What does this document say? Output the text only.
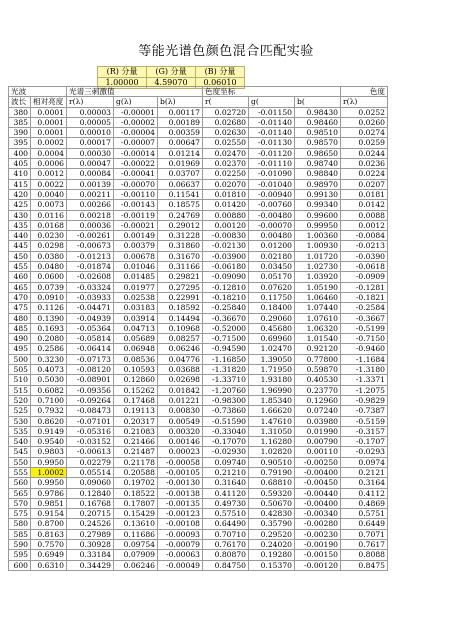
等能光谱色颜色混合匹配实验
(R) 分量	(G) 分量	(B) 分量
1.00000	4.59070	0.06010
光波		光谱三刺激值			色度坐标			色度
波长	相对亮度	r(λ)	g(λ)	b(λ)	r(	g(	b(	r(λ)
380	0.0001	0.00003	-0.00001	0.00117	0.02720	-0.01150	0.98430	0.0252
385	0.0001	0.00005	-0.00002	0.00189	0.02680	-0.01140	0.98460	0.0260
390	0.0001	0.00010	-0.00004	0.00359	0.02630	-0.01140	0.98510	0.0274
395	0.0002	0.00017	-0.00007	0.00647	0.02550	-0.01130	0.98570	0.0259
400	0.0004	0.00030	-0.00014	0.01214	0.02470	-0.01120	0.98650	0.0244
405	0.0006	0.00047	-0.00022	0.01969	0.02370	-0.01110	0.98740	0.0236
410	0.0012	0.00084	-0.00041	0.03707	0.02250	-0.01090	0.98840	0.0224
415	0.0022	0.00139	-0.00070	0.06637	0.02070	-0.01040	0.98970	0.0207
420	0.0040	0.00211	-0.00110	0.11541	0.01810	-0.00940	0.99130	0.0181
425	0.0073	0.00266	-0.00143	0.18575	0.01420	-0.00760	0.99340	0.0142
430	0.0116	0.00218	-0.00119	0.24769	0.00880	-0.00480	0.99600	0.0088
435	0.0168	0.00036	-0.00021	0.29012	0.00120	-0.00070	0.99950	0.0012
440	0.0230	-0.00261	0.00149	0.31228	-0.00830	0.00480	1.00360	-0.0084
445	0.0298	-0.00673	0.00379	0.31860	-0.02130	0.01200	1.00930	-0.0213
450	0.0380	-0.01213	0.00678	0.31670	-0.03900	0.02180	1.01720	-0.0390
455	0.0480	-0.01874	0.01046	0.31166	-0.06180	0.03450	1.02730	-0.0618
460	0.0600	-0.02608	0.01485	0.29821	-0.09090	0.05170	1.03920	-0.0909
465	0.0739	-0.03324	0.01977	0.27295	-0.12810	0.07620	1.05190	-0.1281
470	0.0910	-0.03933	0.02538	0.22991	-0.18210	0.11750	1.06460	-0.1821
475	0.1126	-0.04471	0.03183	0.18592	-0.25840	0.18400	1.07440	-0.2584
480	0.1390	-0.04939	0.03914	0.14494	-0.36670	0.29060	1.07610	-0.3667
485	0.1693	-0.05364	0.04713	0.10968	-0.52000	0.45680	1.06320	-0.5199
490	0.2080	-0.05814	0.05689	0.08257	-0.71500	0.69960	1.01540	-0.7150
495	0.2586	-0.06414	0.06948	0.06246	-0.94590	1.02470	0.92120	-0.9460
500	0.3230	-0.07173	0.08536	0.04776	-1.16850	1.39050	0.77800	-1.1684
505	0.4073	-0.08120	0.10593	0.03688	-1.31820	1.71950	0.59870	-1.3180
510	0.5030	-0.08901	0.12860	0.02698	-1.33710	1.93180	0.40530	-1.3371
515	0.6082	-0.09356	0.15262	0.01842	-1.20760	1.96990	0.23770	-1.2075
520	0.7100	-0.09264	0.17468	0.01221	-0.98300	1.85340	0.12960	-0.9829
525	0.7932	-0.08473	0.19113	0.00830	-0.73860	1.66620	0.07240	-0.7387
530	0.8620	-0.07101	0.20317	0.00549	-0.51590	1.47610	0.03980	-0.5159
535	0.9149	-0.05316	0.21083	0.00320	-0.33040	1.31050	0.01990	-0.3157
540	0.9540	-0.03152	0.21466	0.00146	-0.17070	1.16280	0.00790	-0.1707
545	0.9803	-0.00613	0.21487	0.00023	-0.02930	1.02820	0.00110	-0.0293
550	0.9950	0.02279	0.21178	-0.00058	0.09740	0.90510	-0.00250	0.0974
555	1.0002	0.05514	0.20588	-0.00105	0.21210	0.79190	-0.00400	0.2121
560	0.9950	0.09060	0.19702	-0.00130	0.31640	0.68810	-0.00450	0.3164
565	0.9786	0.12840	0.18522	-0.00138	0.41120	0.59320	-0.00440	0.4112
570	0.9851	0.16768	0.17807	-0.00135	0.49730	0.50670	-0.00400	0.4869
575	0.9154	0.20715	0.15429	-0.00123	0.57510	0.42830	-0.00340	0.5751
580	0.8700	0.24526	0.13610	-0.00108	0.64490	0.35790	-0.00280	0.6449
585	0.8163	0.27989	0.11686	-0.00093	0.70710	0.29520	-0.00230	0.7071
590	0.7570	0.30928	0.09754	-0.00079	0.76170	0.24020	-0.00190	0.7617
595	0.6949	0.33184	0.07909	-0.00063	0.80870	0.19280	-0.00150	0.8088
600	0.6310	0.34429	0.06246	-0.00049	0.84750	0.15370	-0.00120	0.8475
